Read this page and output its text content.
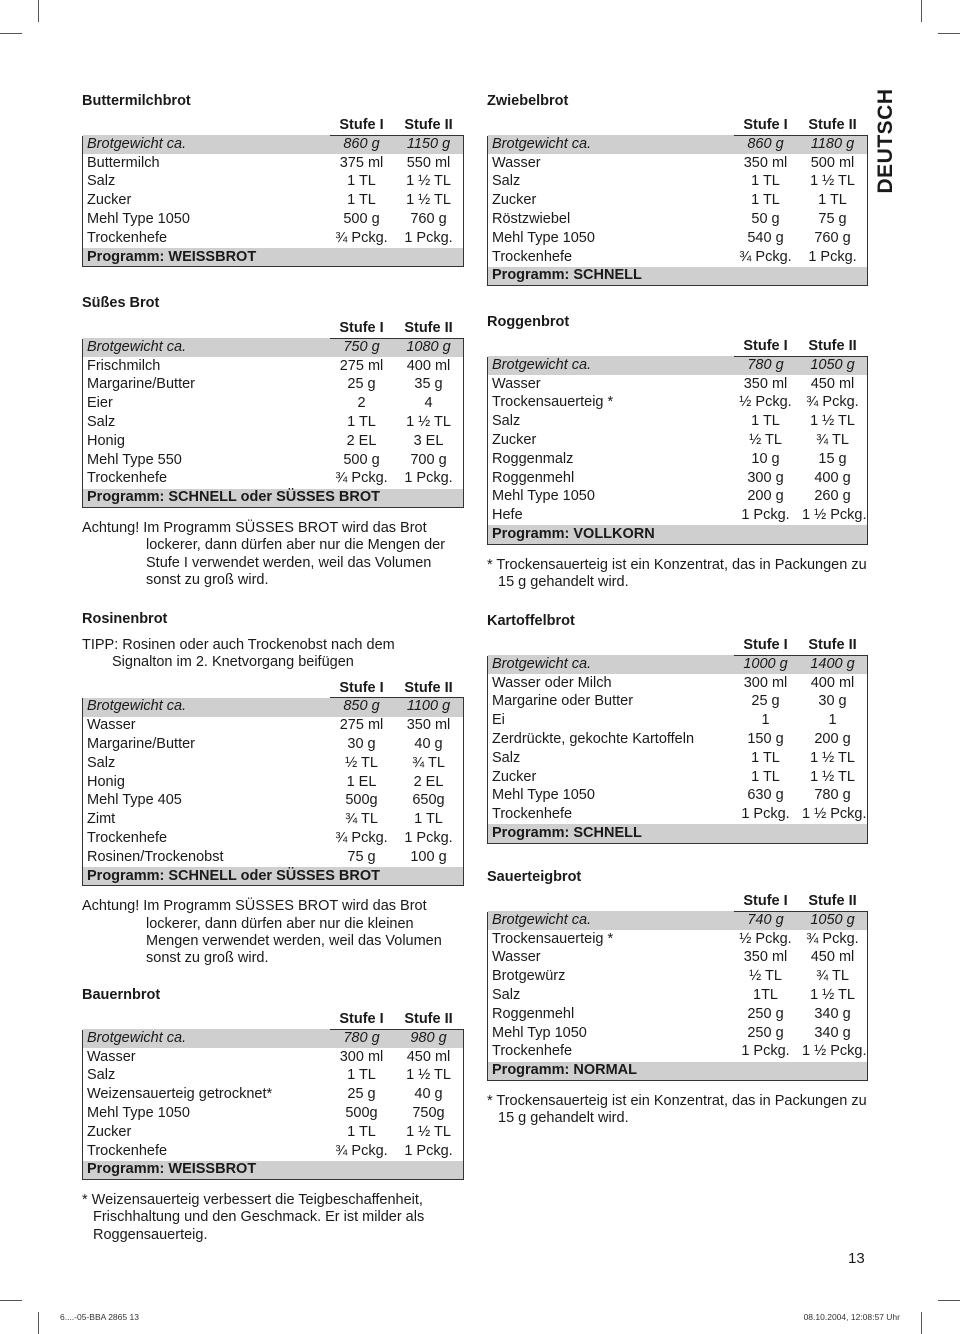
DEUTSCH
Buttermilchbrot
	Stufe I	Stufe II
Brotgewicht ca.	860 g	1150 g
Buttermilch	375 ml	550 ml
Salz	1 TL	1 ½ TL
Zucker	1 TL	1 ½ TL
Mehl Type 1050	500 g	760 g
Trockenhefe	¾ Pckg.	1 Pckg.
Programm: WEISSBROT		
Süßes Brot
	Stufe I	Stufe II
Brotgewicht ca.	750 g	1080 g
Frischmilch	275 ml	400 ml
Margarine/Butter	25 g	35 g
Eier	2	4
Salz	1 TL	1 ½ TL
Honig	2 EL	3 EL
Mehl Type 550	500 g	700 g
Trockenhefe	¾ Pckg.	1 Pckg.
Programm: SCHNELL oder SÜSSES BROT		
Achtung! Im Programm SÜSSES BROT wird das Brot
lockerer, dann dürfen aber nur die Mengen der Stufe I verwendet werden, weil das Volumen sonst zu groß wird.
Rosinenbrot
TIPP: Rosinen oder auch Trockenobst nach dem Signalton im 2. Knetvorgang beifügen
	Stufe I	Stufe II
Brotgewicht ca.	850 g	1100 g
Wasser	275 ml	350 ml
Margarine/Butter	30 g	40 g
Salz	½ TL	¾ TL
Honig	1 EL	2 EL
Mehl Type 405	500g	650g
Zimt	¾ TL	1 TL
Trockenhefe	¾ Pckg.	1 Pckg.
Rosinen/Trockenobst	75 g	100 g
Programm: SCHNELL oder SÜSSES BROT		
Achtung! Im Programm SÜSSES BROT wird das Brot
lockerer, dann dürfen aber nur die kleinen Mengen verwendet werden, weil das Volumen sonst zu groß wird.
Bauernbrot
	Stufe I	Stufe II
Brotgewicht ca.	780 g	980 g
Wasser	300 ml	450 ml
Salz	1 TL	1 ½ TL
Weizensauerteig getrocknet*	25 g	40 g
Mehl Type 1050	500g	750g
Zucker	1 TL	1 ½ TL
Trockenhefe	¾ Pckg.	1 Pckg.
Programm: WEISSBROT		
* Weizensauerteig verbessert die Teigbeschaffenheit, Frischhaltung und den Geschmack. Er ist milder als Roggensauerteig.
Zwiebelbrot
	Stufe I	Stufe II
Brotgewicht ca.	860 g	1180 g
Wasser	350 ml	500 ml
Salz	1 TL	1 ½ TL
Zucker	1 TL	1 TL
Röstzwiebel	50 g	75 g
Mehl Type 1050	540 g	760 g
Trockenhefe	¾ Pckg.	1 Pckg.
Programm: SCHNELL		
Roggenbrot
	Stufe I	Stufe II
Brotgewicht ca.	780 g	1050 g
Wasser	350 ml	450 ml
Trockensauerteig *	½ Pckg.	¾ Pckg.
Salz	1 TL	1 ½ TL
Zucker	½ TL	¾ TL
Roggenmalz	10 g	15 g
Roggenmehl	300 g	400 g
Mehl Type 1050	200 g	260 g
Hefe	1 Pckg.	1 ½ Pckg.
Programm: VOLLKORN		
* Trockensauerteig ist ein Konzentrat, das in Packungen zu 15 g gehandelt wird.
Kartoffelbrot
	Stufe I	Stufe II
Brotgewicht ca.	1000 g	1400 g
Wasser oder Milch	300 ml	400 ml
Margarine oder Butter	25 g	30 g
Ei	1	1
Zerdrückte, gekochte Kartoffeln	150 g	200 g
Salz	1 TL	1 ½ TL
Zucker	1 TL	1 ½ TL
Mehl Type 1050	630 g	780 g
Trockenhefe	1 Pckg.	1 ½ Pckg.
Programm: SCHNELL		
Sauerteigbrot
	Stufe I	Stufe II
Brotgewicht ca.	740 g	1050 g
Trockensauerteig *	½ Pckg.	¾ Pckg.
Wasser	350 ml	450 ml
Brotgewürz	½ TL	¾ TL
Salz	1TL	1 ½ TL
Roggenmehl	250 g	340 g
Mehl Typ 1050	250 g	340 g
Trockenhefe	1 Pckg.	1 ½ Pckg.
Programm: NORMAL		
* Trockensauerteig ist ein Konzentrat, das in Packungen zu 15 g gehandelt wird.
13
6....-05-BBA 2865 13	08.10.2004, 12:08:57 Uhr
